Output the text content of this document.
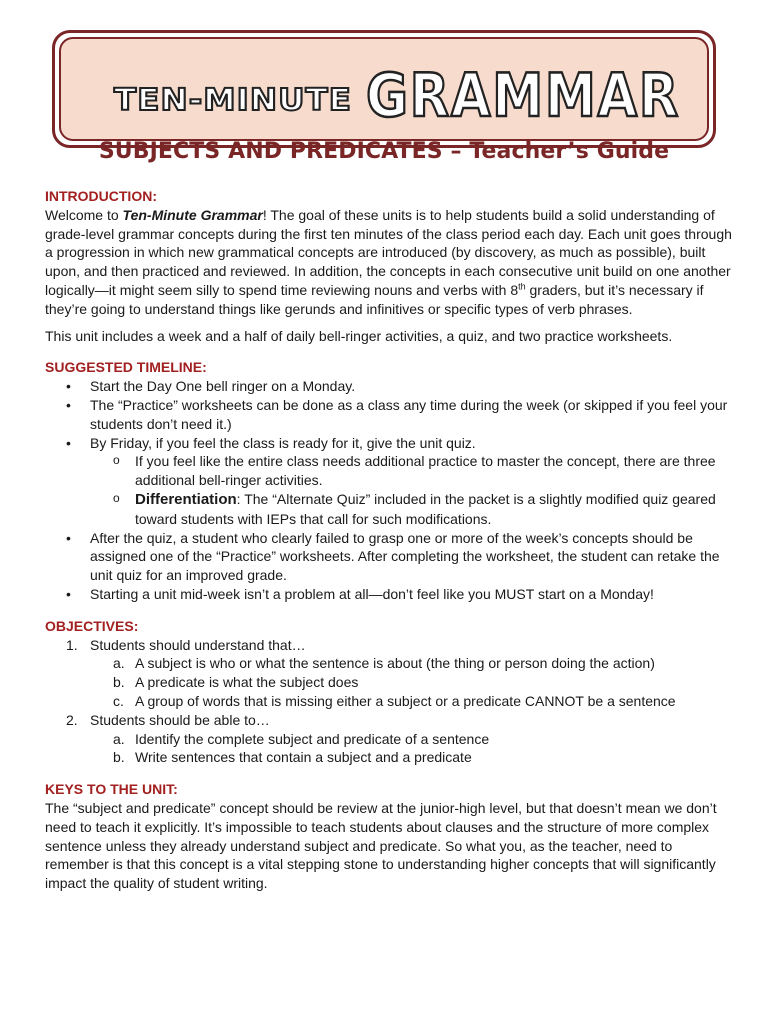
TEN-MINUTE GRAMMAR
SUBJECTS AND PREDICATES – Teacher’s Guide
INTRODUCTION:

Welcome to Ten-Minute Grammar! The goal of these units is to help students build a solid understanding of grade-level grammar concepts during the first ten minutes of the class period each day. Each unit goes through a progression in which new grammatical concepts are introduced (by discovery, as much as possible), built upon, and then practiced and reviewed. In addition, the concepts in each consecutive unit build on one another logically—it might seem silly to spend time reviewing nouns and verbs with 8th graders, but it’s necessary if they’re going to understand things like gerunds and infinitives or specific types of verb phrases.

This unit includes a week and a half of daily bell-ringer activities, a quiz, and two practice worksheets.

SUGGESTED TIMELINE:
• Start the Day One bell ringer on a Monday.
• The “Practice” worksheets can be done as a class any time during the week (or skipped if you feel your students don’t need it.)
• By Friday, if you feel the class is ready for it, give the unit quiz.
o If you feel like the entire class needs additional practice to master the concept, there are three additional bell-ringer activities.
o Differentiation: The “Alternate Quiz” included in the packet is a slightly modified quiz geared toward students with IEPs that call for such modifications.
• After the quiz, a student who clearly failed to grasp one or more of the week’s concepts should be assigned one of the “Practice” worksheets. After completing the worksheet, the student can retake the unit quiz for an improved grade.
• Starting a unit mid-week isn’t a problem at all—don’t feel like you MUST start on a Monday!
OBJECTIVES:
1. Students should understand that…
a. A subject is who or what the sentence is about (the thing or person doing the action)
b. A predicate is what the subject does
c. A group of words that is missing either a subject or a predicate CANNOT be a sentence
2. Students should be able to…
a. Identify the complete subject and predicate of a sentence
b. Write sentences that contain a subject and a predicate
KEYS TO THE UNIT:

The “subject and predicate” concept should be review at the junior-high level, but that doesn’t mean we don’t need to teach it explicitly. It’s impossible to teach students about clauses and the structure of more complex sentence unless they already understand subject and predicate. So what you, as the teacher, need to remember is that this concept is a vital stepping stone to understanding higher concepts that will significantly impact the quality of student writing.
